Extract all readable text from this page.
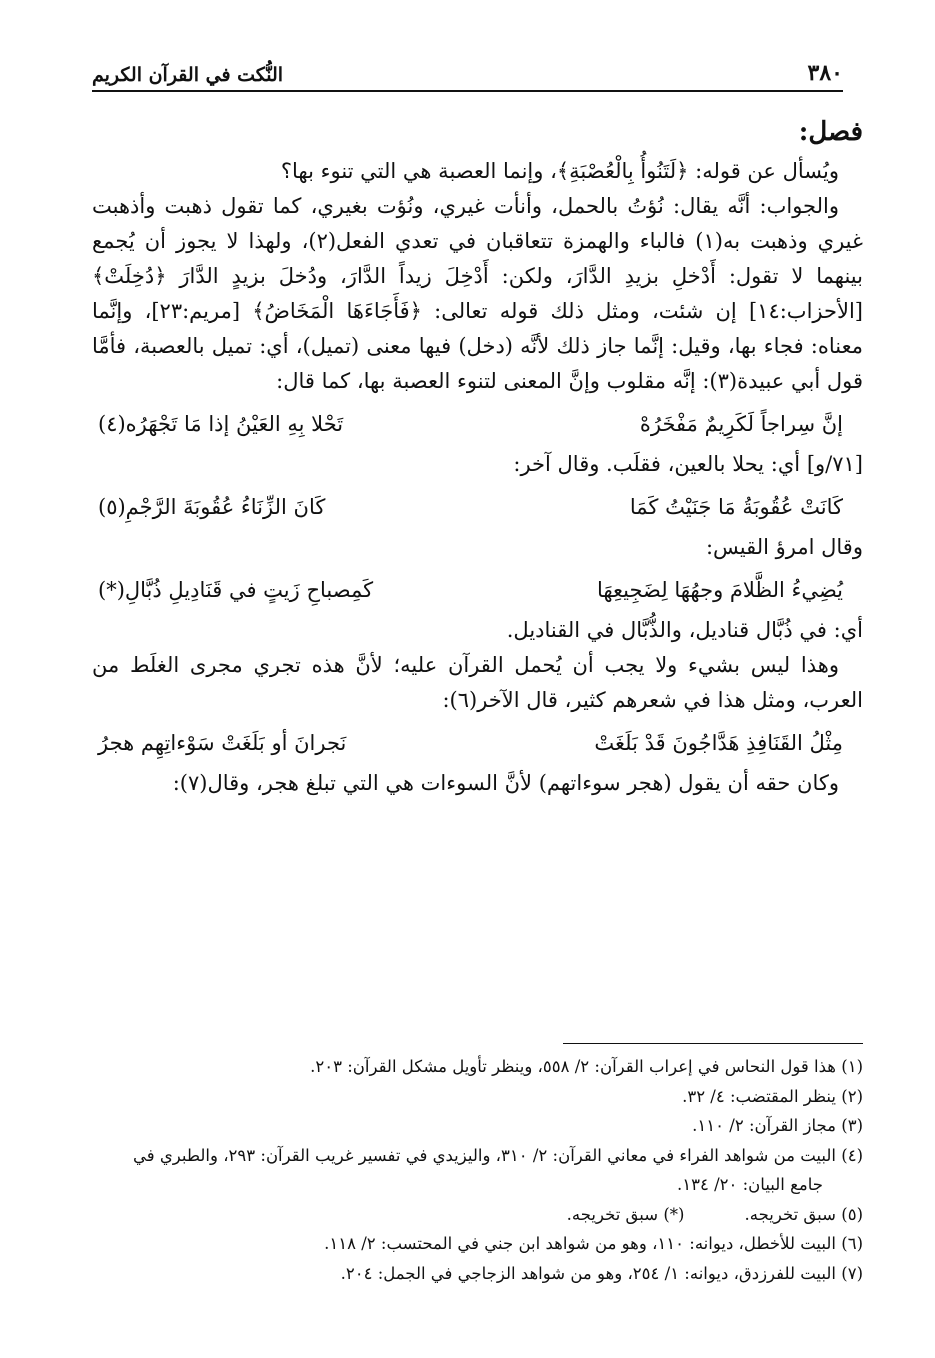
٣٨٠
النُّكت في القرآن الكريم

فصل:

ويُسأل عن قوله: ﴿لَتَنُوأُ بِالْعُصْبَةِ﴾، وإنما العصبة هي التي تنوء بها؟

والجواب: أنَّه يقال: نُؤتُ بالحمل، وأنأت غيري، ونُؤت بغيري، كما تقول ذهبت وأذهبت غيري وذهبت به(١) فالباء والهمزة تتعاقبان في تعدي الفعل(٢)، ولهذا لا يجوز أن يُجمع بينهما لا تقول: أَدْخلِ بزيدِ الدَّارَ، ولكن: أَدْخِلَ زيداً الدَّارَ، ودُخلَ بزيدٍ الدَّارَ ﴿دُخِلَتْ﴾ [الأحزاب:١٤] إن شئت، ومثل ذلك قوله تعالى: ﴿فَأَجَاءَهَا الْمَخَاضُ﴾ [مريم:٢٣]، وإنَّما معناه: فجاء بها، وقيل: إنَّما جاز ذلك لأنَّه (دخل) فيها معنى (تميل)، أي: تميل بالعصبة، فأمَّا قول أبي عبيدة(٣): إنَّه مقلوب وإنَّ المعنى لتنوء العصبة بها، كما قال:

إنَّ سِراجاً لَكَرِيمٌ مَفْخَرُهْ
تَحْلا بِهِ العَيْنُ إذا مَا تَجْهَرُه(٤)

[٧١/و] أي: يحلا بالعين، فقلَب. وقال آخر:

كَانَتْ عُقُوبَةُ مَا جَنَيْتُ كَمَا
كَانَ الزِّنَاءُ عُقُوبَةَ الرَّجْمِ(٥)

وقال امرؤ القيس:

يُضِيءُ الظَّلامَ وجهُهَا لِضَجِيعِهَا
كَمِصباحِ زَيتٍ في قَنَادِيلِ ذُبَّالِ(*)

أي: في ذُبَّال قناديل، والذُّبَّال في القناديل.

وهذا ليس بشيء ولا يجب أن يُحمل القرآن عليه؛ لأنَّ هذه تجري مجرى الغلَط من العرب، ومثل هذا في شعرهم كثير، قال الآخر(٦):

مِثْلُ القَنَافِذِ هَدَّاجُونَ قَدْ بَلَغَتْ
نَجرانَ أو بَلَغَتْ سَوْءاتِهِم هجرُ

وكان حقه أن يقول (هجر سوءاتهم) لأنَّ السوءات هي التي تبلغ هجر، وقال(٧):

(١) هذا قول النحاس في إعراب القرآن: ٢/ ٥٥٨، وينظر تأويل مشكل القرآن: ٢٠٣.

(٢) ينظر المقتضب: ٤/ ٣٢.

(٣) مجاز القرآن: ٢/ ١١٠.

(٤) البيت من شواهد الفراء في معاني القرآن: ٢/ ٣١٠، واليزيدي في تفسير غريب القرآن: ٢٩٣، والطبري في

جامع البيان: ٢٠/ ١٣٤.

(٥) سبق تخريجه.
(*) سبق تخريجه.

(٦) البيت للأخطل، ديوانه: ١١٠، وهو من شواهد ابن جني في المحتسب: ٢/ ١١٨.

(٧) البيت للفرزدق، ديوانه: ١/ ٢٥٤، وهو من شواهد الزجاجي في الجمل: ٢٠٤.
